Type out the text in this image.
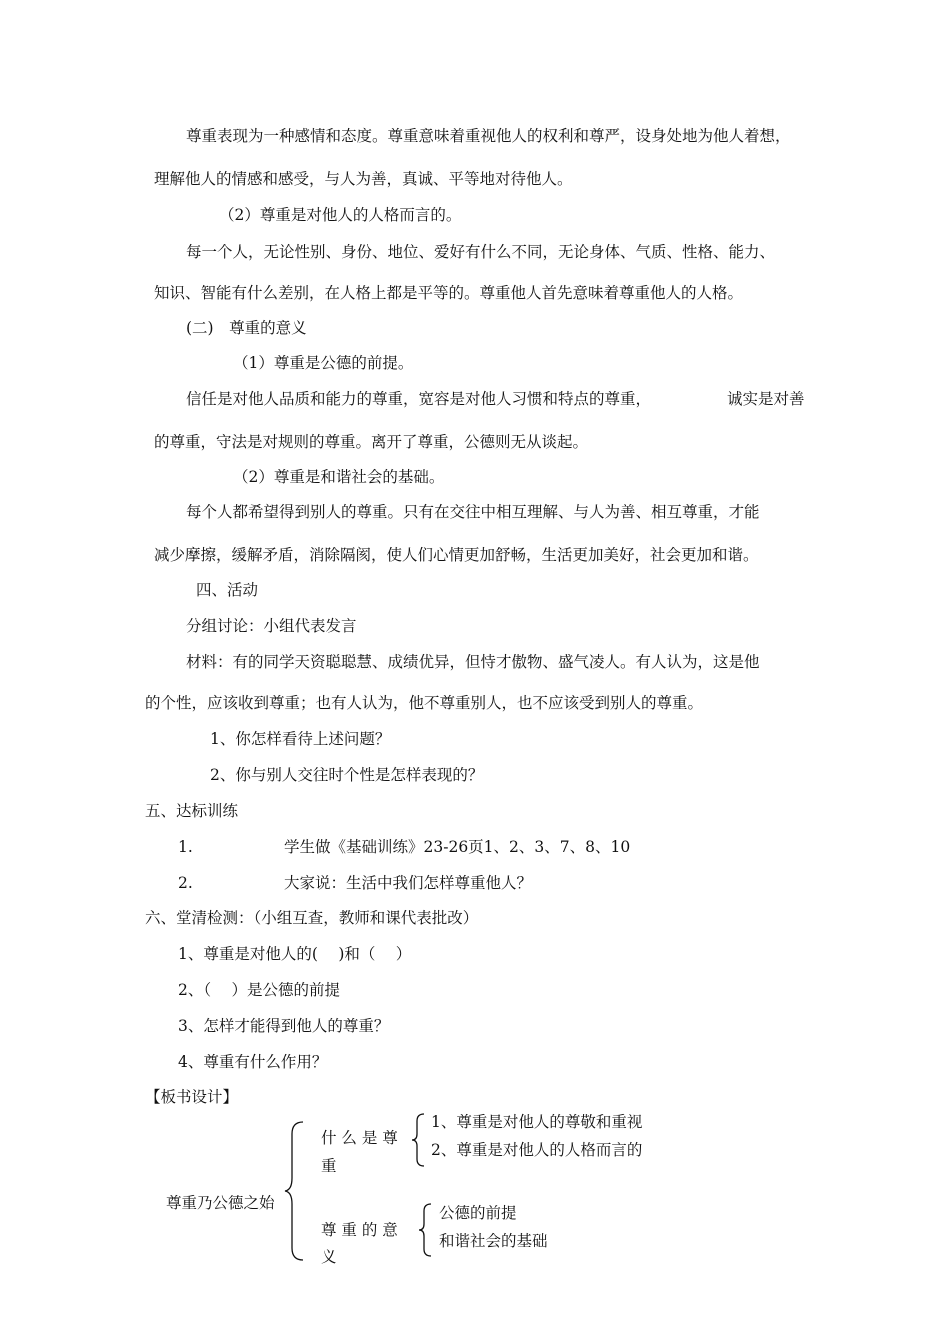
尊重表现为一种感情和态度。尊重意味着重视他人的权利和尊严，设身处地为他人着想，
理解他人的情感和感受，与人为善，真诚、平等地对待他人。
（2）尊重是对他人的人格而言的。
每一个人，无论性别、身份、地位、爱好有什么不同，无论身体、气质、性格、能力、
知识、智能有什么差别，在人格上都是平等的。尊重他人首先意味着尊重他人的人格。
(二)　尊重的意义
（1）尊重是公德的前提。
信任是对他人品质和能力的尊重，宽容是对他人习惯和特点的尊重，	诚实是对善
的尊重，守法是对规则的尊重。离开了尊重，公德则无从谈起。
（2）尊重是和谐社会的基础。
每个人都希望得到别人的尊重。只有在交往中相互理解、与人为善、相互尊重，才能
减少摩擦，缓解矛盾，消除隔阂，使人们心情更加舒畅，生活更加美好，社会更加和谐。
四、活动
分组讨论：小组代表发言
材料：有的同学天资聪聪慧、成绩优异，但恃才傲物、盛气凌人。有人认为，这是他
的个性，应该收到尊重；也有人认为，他不尊重别人，也不应该受到别人的尊重。
1、你怎样看待上述问题？
2、你与别人交往时个性是怎样表现的？
五、达标训练
1.	学生做《基础训练》23-26页1、2、3、7、8、10
2.	大家说：生活中我们怎样尊重他人？
六、堂清检测：（小组互查，教师和课代表批改）
1、尊重是对他人的(　 )和（　 ）
2、（　 ）是公德的前提
3、怎样才能得到他人的尊重？
4、尊重有什么作用？
【板书设计】
尊重乃公德之始
什 么 是 尊
重
1、尊重是对他人的尊敬和重视
2、尊重是对他人的人格而言的
尊 重 的 意
义
公德的前提
和谐社会的基础
